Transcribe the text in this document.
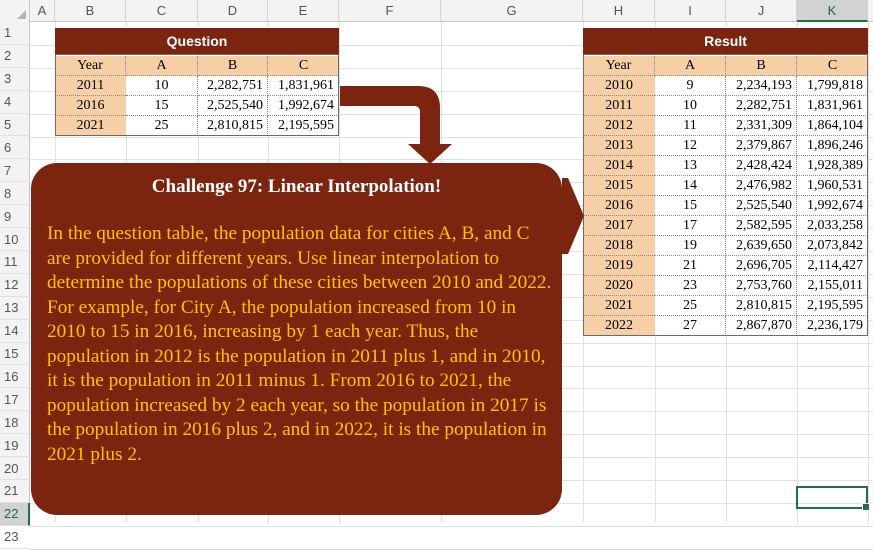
A	B	C	D	E	F	G	H	I	J	K
1
2
3
4
5
6
7
8
9
10
11
12
13
14
15
16
17
18
19
20
21
22
23
Question
Year	A	B	C
2011	10	2,282,751	1,831,961
2016	15	2,525,540	1,992,674
2021	25	2,810,815	2,195,595
Result
Year	A	B	C
2010	9	2,234,193	1,799,818
2011	10	2,282,751	1,831,961
2012	11	2,331,309	1,864,104
2013	12	2,379,867	1,896,246
2014	13	2,428,424	1,928,389
2015	14	2,476,982	1,960,531
2016	15	2,525,540	1,992,674
2017	17	2,582,595	2,033,258
2018	19	2,639,650	2,073,842
2019	21	2,696,705	2,114,427
2020	23	2,753,760	2,155,011
2021	25	2,810,815	2,195,595
2022	27	2,867,870	2,236,179
Challenge 97: Linear Interpolation!

In the question table, the population data for cities A, B, and C are provided for different years. Use linear interpolation to determine the populations of these cities between 2010 and 2022.

For example, for City A, the population increased from 10 in 2010 to 15 in 2016, increasing by 1 each year. Thus, the population in 2012 is the population in 2011 plus 1, and in 2010, it is the population in 2011 minus 1. From 2016 to 2021, the population increased by 2 each year, so the population in 2017 is the population in 2016 plus 2, and in 2022, it is the population in 2021 plus 2.
